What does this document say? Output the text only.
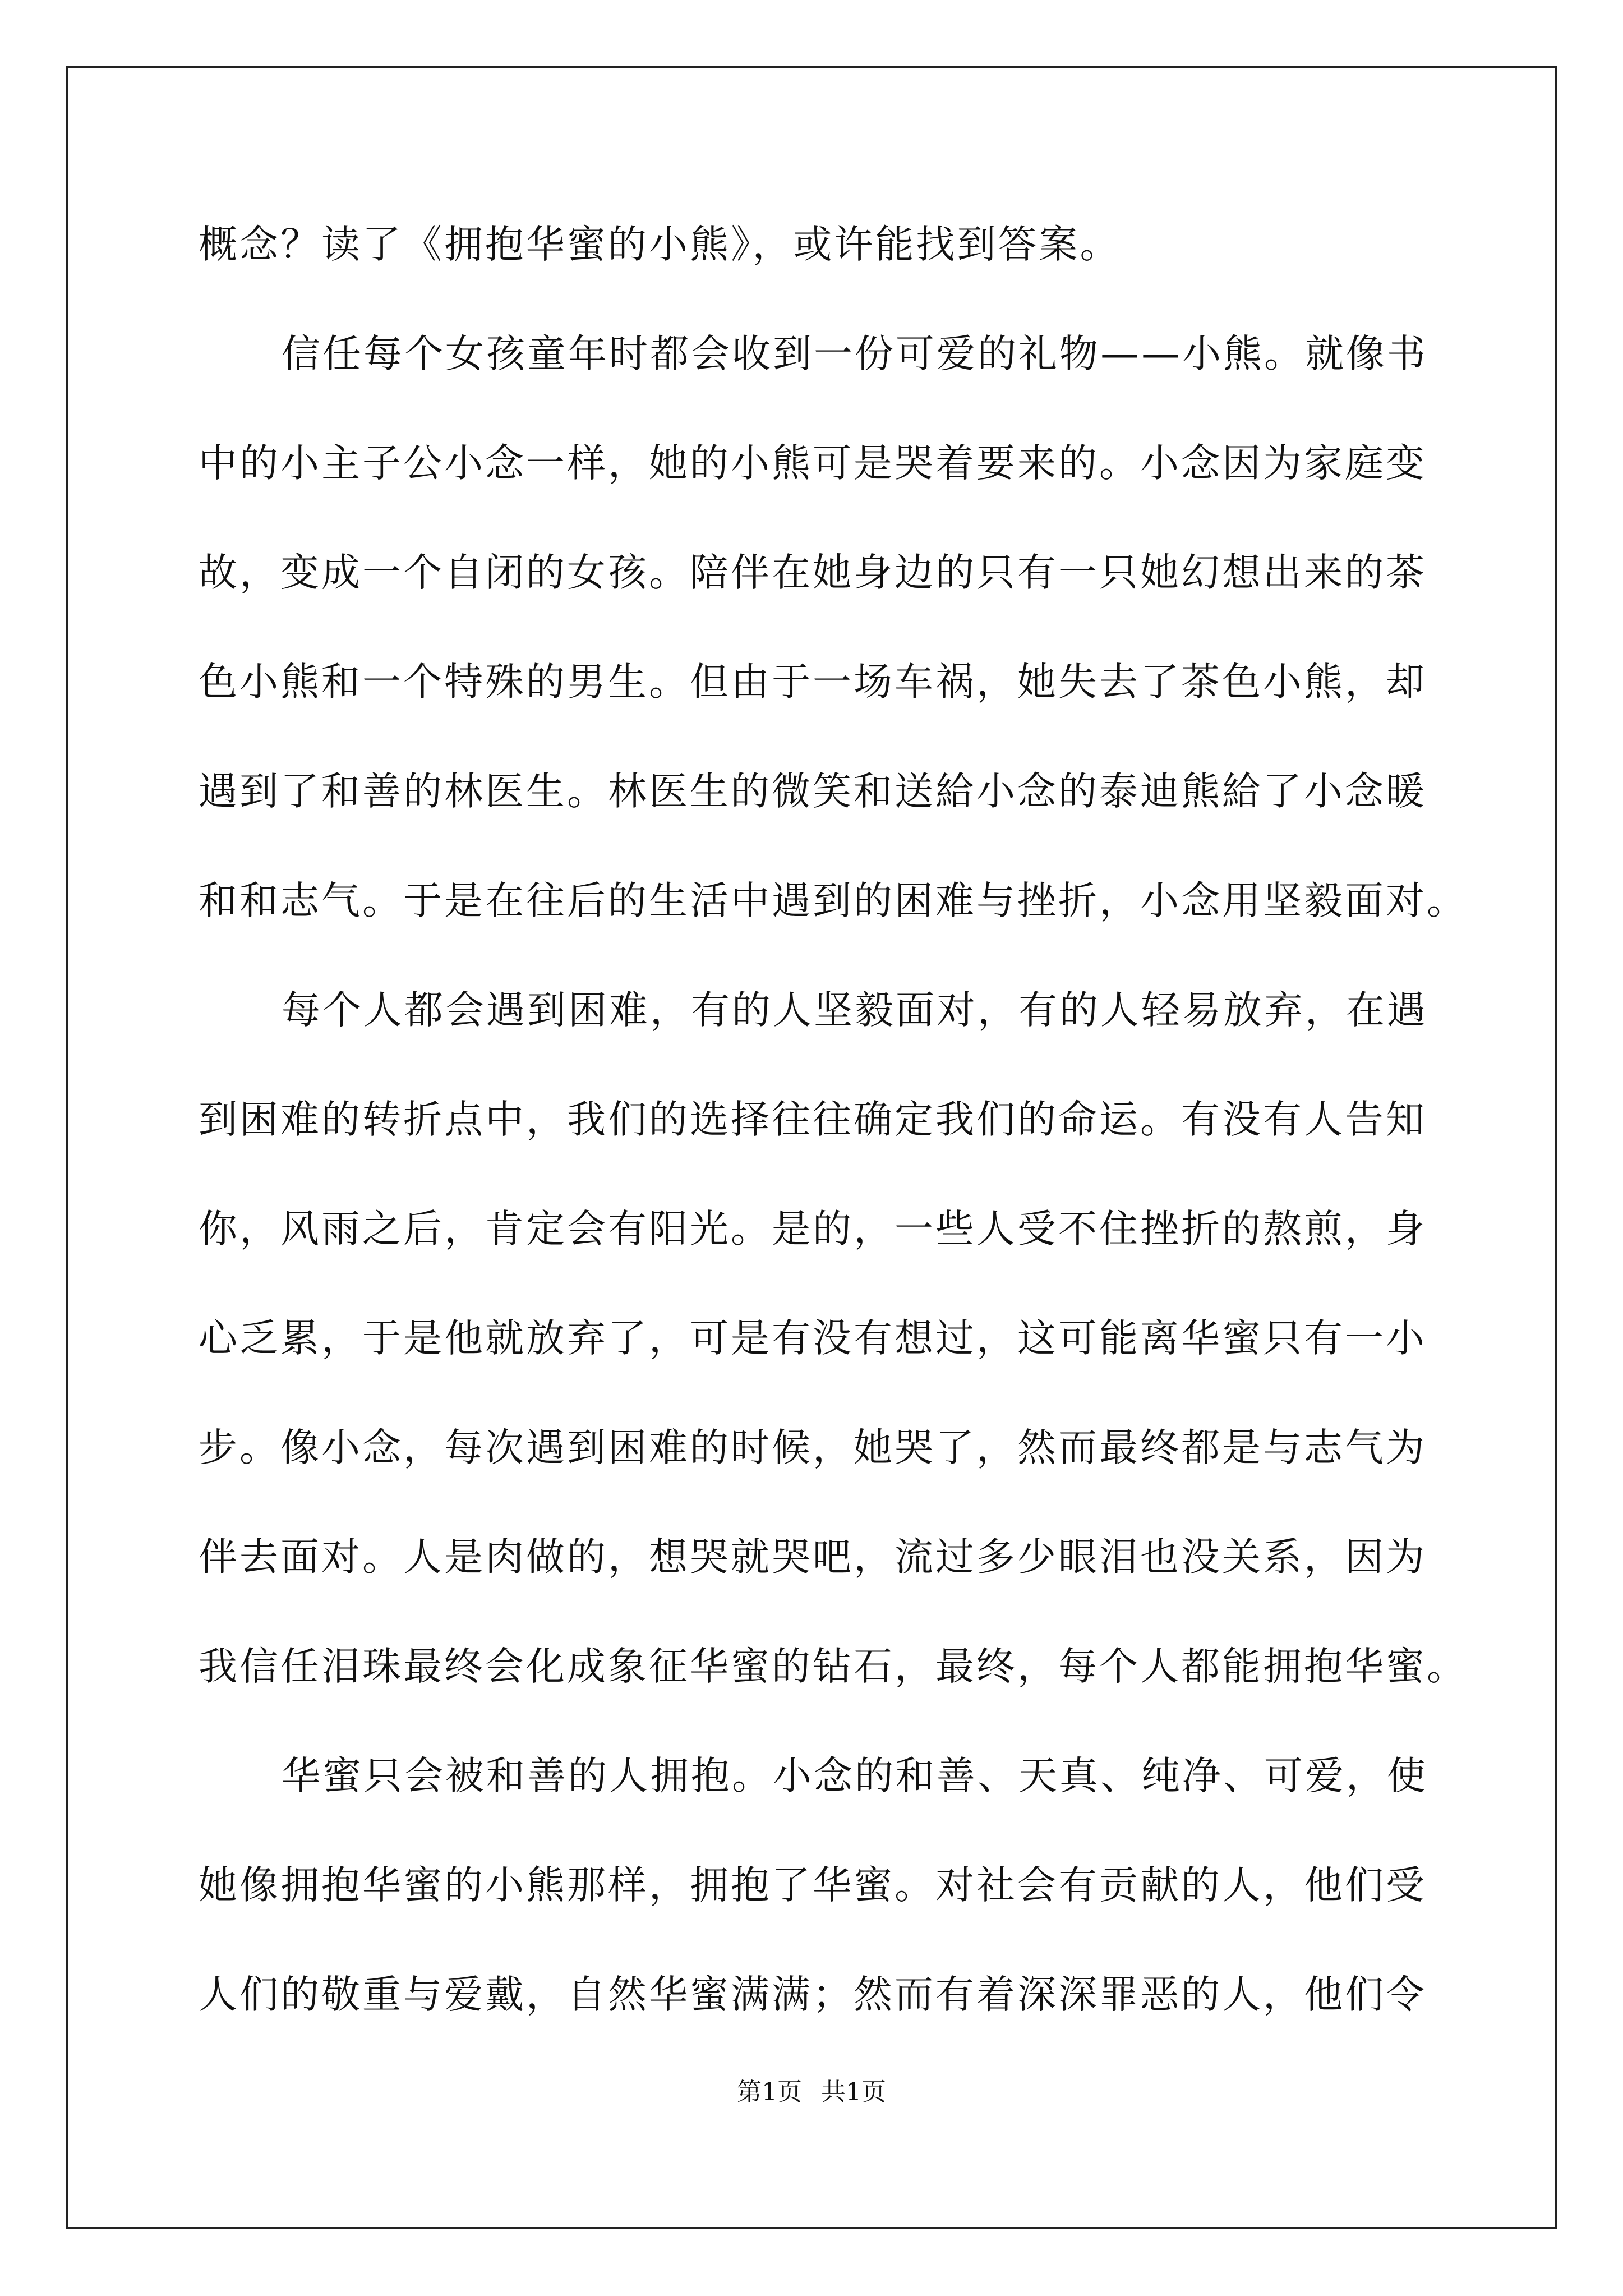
概念？读了《拥抱华蜜的小熊》，或许能找到答案。
信任每个女孩童年时都会收到一份可爱的礼物——小熊。就像书
中的小主子公小念一样，她的小熊可是哭着要来的。小念因为家庭变
故，变成一个自闭的女孩。陪伴在她身边的只有一只她幻想出来的茶
色小熊和一个特殊的男生。但由于一场车祸，她失去了茶色小熊，却
遇到了和善的林医生。林医生的微笑和送給小念的泰迪熊給了小念暖
和和志气。于是在往后的生活中遇到的困难与挫折，小念用坚毅面对。
每个人都会遇到困难，有的人坚毅面对，有的人轻易放弃，在遇
到困难的转折点中，我们的选择往往确定我们的命运。有没有人告知
你，风雨之后，肯定会有阳光。是的，一些人受不住挫折的熬煎，身
心乏累，于是他就放弃了，可是有没有想过，这可能离华蜜只有一小
步。像小念，每次遇到困难的时候，她哭了，然而最终都是与志气为
伴去面对。人是肉做的，想哭就哭吧，流过多少眼泪也没关系，因为
我信任泪珠最终会化成象征华蜜的钻石，最终，每个人都能拥抱华蜜。
华蜜只会被和善的人拥抱。小念的和善、天真、纯净、可爱，使
她像拥抱华蜜的小熊那样，拥抱了华蜜。对社会有贡献的人，他们受
人们的敬重与爱戴，自然华蜜满满；然而有着深深罪恶的人，他们令
第1页 共1页
